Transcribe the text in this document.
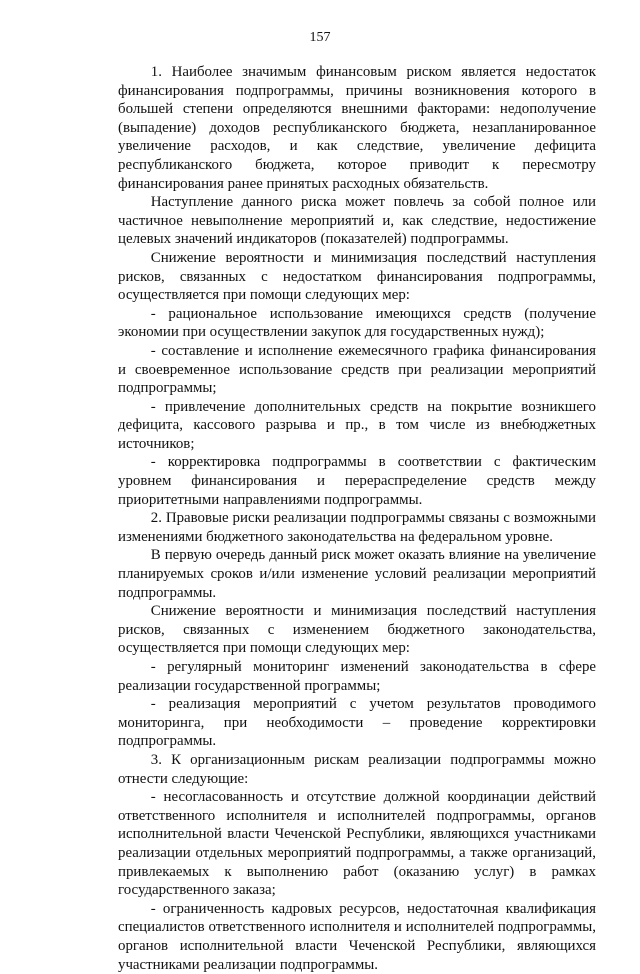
157

1. Наиболее значимым финансовым риском является недостаток финансирования подпрограммы, причины возникновения которого в большей степени определяются внешними факторами: недополучение (выпадение) доходов республиканского бюджета, незапланированное увеличение расходов, и как следствие, увеличение дефицита республиканского бюджета, которое приводит к пересмотру финансирования ранее принятых расходных обязательств.

Наступление данного риска может повлечь за собой полное или частичное невыполнение мероприятий и, как следствие, недостижение целевых значений индикаторов (показателей) подпрограммы.

Снижение вероятности и минимизация последствий наступления рисков, связанных с недостатком финансирования подпрограммы, осуществляется при помощи следующих мер:

- рациональное использование имеющихся средств (получение экономии при осуществлении закупок для государственных нужд);

- составление и исполнение ежемесячного графика финансирования и своевременное использование средств при реализации мероприятий подпрограммы;

- привлечение дополнительных средств на покрытие возникшего дефицита, кассового разрыва и пр., в том числе из внебюджетных источников;

- корректировка подпрограммы в соответствии с фактическим уровнем финансирования и перераспределение средств между приоритетными направлениями подпрограммы.

2. Правовые риски реализации подпрограммы связаны с возможными изменениями бюджетного законодательства на федеральном уровне.

В первую очередь данный риск может оказать влияние на увеличение планируемых сроков и/или изменение условий реализации мероприятий подпрограммы.

Снижение вероятности и минимизация последствий наступления рисков, связанных с изменением бюджетного законодательства, осуществляется при помощи следующих мер:

- регулярный мониторинг изменений законодательства в сфере реализации государственной программы;

- реализация мероприятий с учетом результатов проводимого мониторинга, при необходимости – проведение корректировки подпрограммы.

3. К организационным рискам реализации подпрограммы можно отнести следующие:

- несогласованность и отсутствие должной координации действий ответственного исполнителя и исполнителей подпрограммы, органов исполнительной власти Чеченской Республики, являющихся участниками реализации отдельных мероприятий подпрограммы, а также организаций, привлекаемых к выполнению работ (оказанию услуг) в рамках государственного заказа;

- ограниченность кадровых ресурсов, недостаточная квалификация специалистов ответственного исполнителя и исполнителей подпрограммы, органов исполнительной власти Чеченской Республики, являющихся участниками реализации подпрограммы.
